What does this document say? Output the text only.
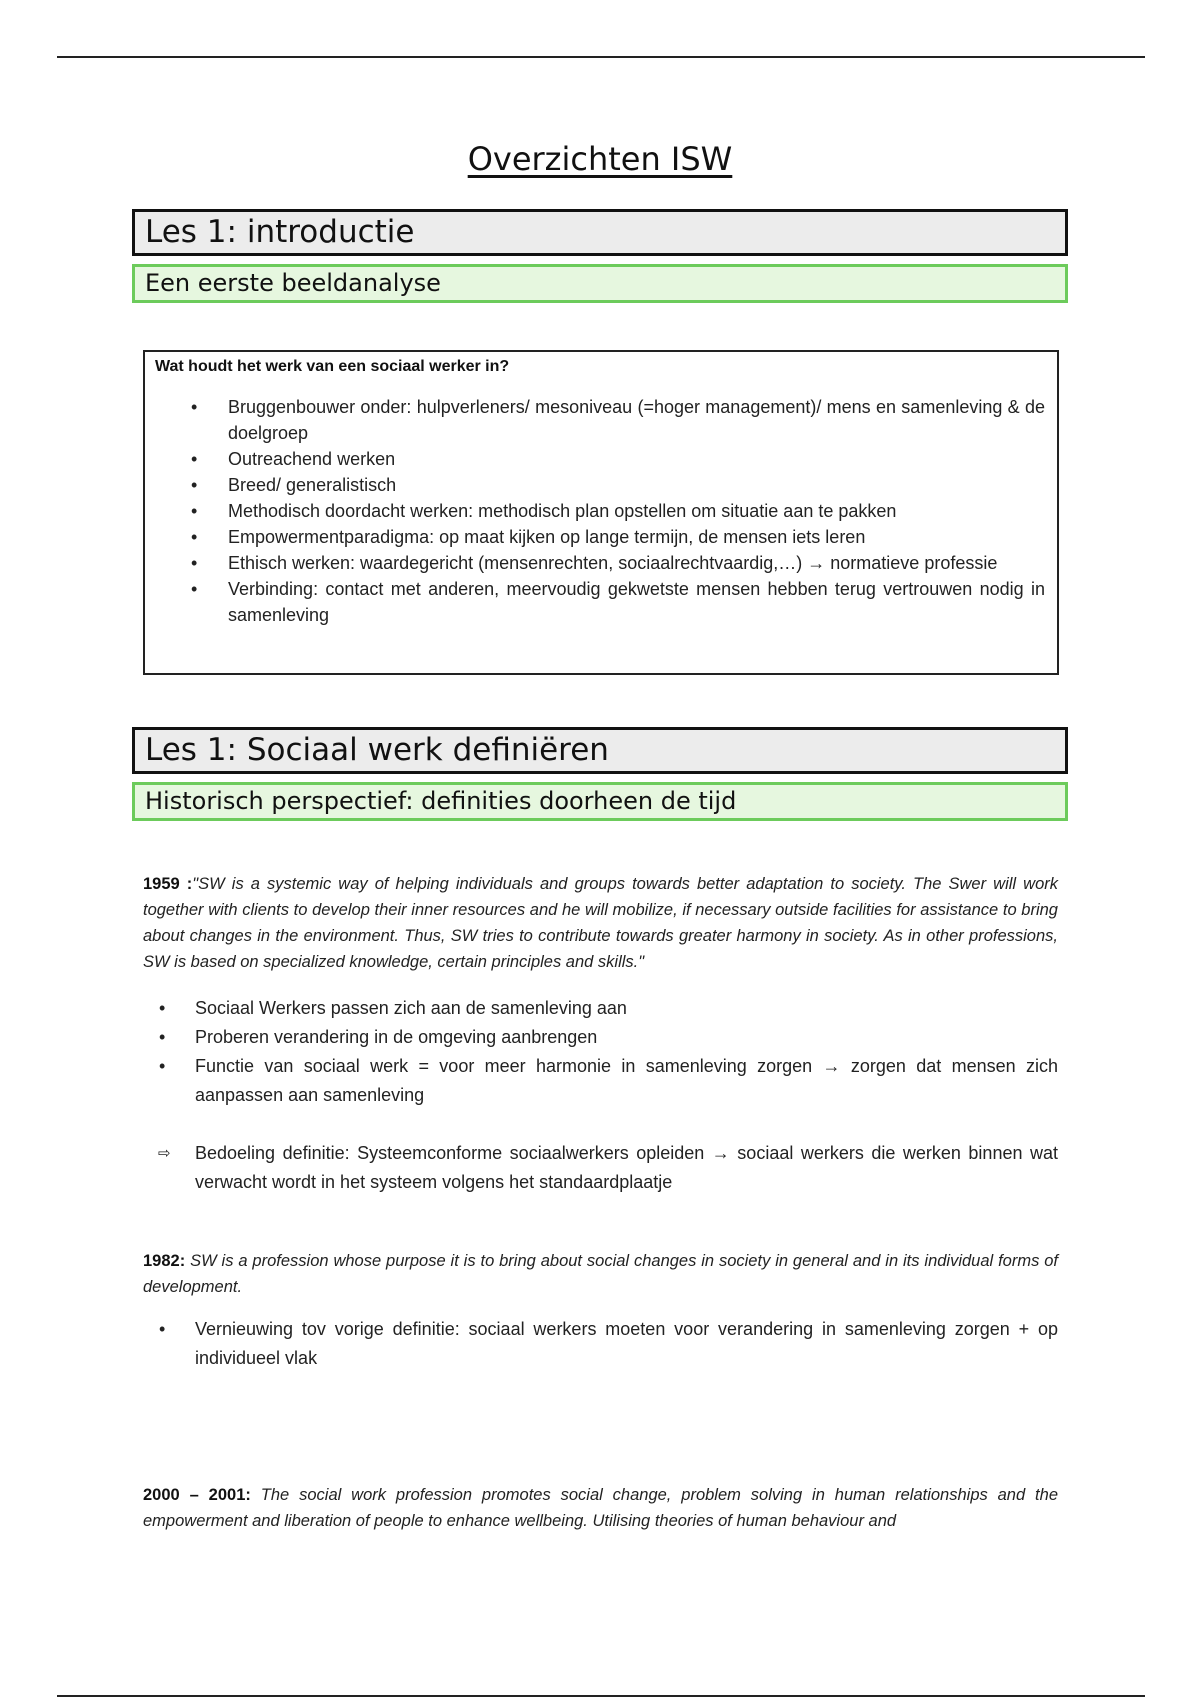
Overzichten ISW
Les 1: introductie
Een eerste beeldanalyse
Wat houdt het werk van een sociaal werker in?
• Bruggenbouwer onder: hulpverleners/ mesoniveau (=hoger management)/ mens en samenleving & de doelgroep
• Outreachend werken
• Breed/ generalistisch
• Methodisch doordacht werken: methodisch plan opstellen om situatie aan te pakken
• Empowermentparadigma: op maat kijken op lange termijn, de mensen iets leren
• Ethisch werken: waardegericht (mensenrechten, sociaalrechtvaardig,…) → normatieve professie
• Verbinding: contact met anderen, meervoudig gekwetste mensen hebben terug vertrouwen nodig in samenleving
Les 1: Sociaal werk definiëren
Historisch perspectief: definities doorheen de tijd
1959 :"SW is a systemic way of helping individuals and groups towards better adaptation to society. The Swer will work together with clients to develop their inner resources and he will mobilize, if necessary outside facilities for assistance to bring about changes in the environment. Thus, SW tries to contribute towards greater harmony in society. As in other professions, SW is based on specialized knowledge, certain principles and skills."
• Sociaal Werkers passen zich aan de samenleving aan
• Proberen verandering in de omgeving aanbrengen
• Functie van sociaal werk = voor meer harmonie in samenleving zorgen → zorgen dat mensen zich aanpassen aan samenleving
⇨ Bedoeling definitie: Systeemconforme sociaalwerkers opleiden → sociaal werkers die werken binnen wat verwacht wordt in het systeem volgens het standaardplaatje
1982: SW is a profession whose purpose it is to bring about social changes in society in general and in its individual forms of development.
• Vernieuwing tov vorige definitie: sociaal werkers moeten voor verandering in samenleving zorgen + op individueel vlak
2000 – 2001: The social work profession promotes social change, problem solving in human relationships and the empowerment and liberation of people to enhance wellbeing. Utilising theories of human behaviour and
